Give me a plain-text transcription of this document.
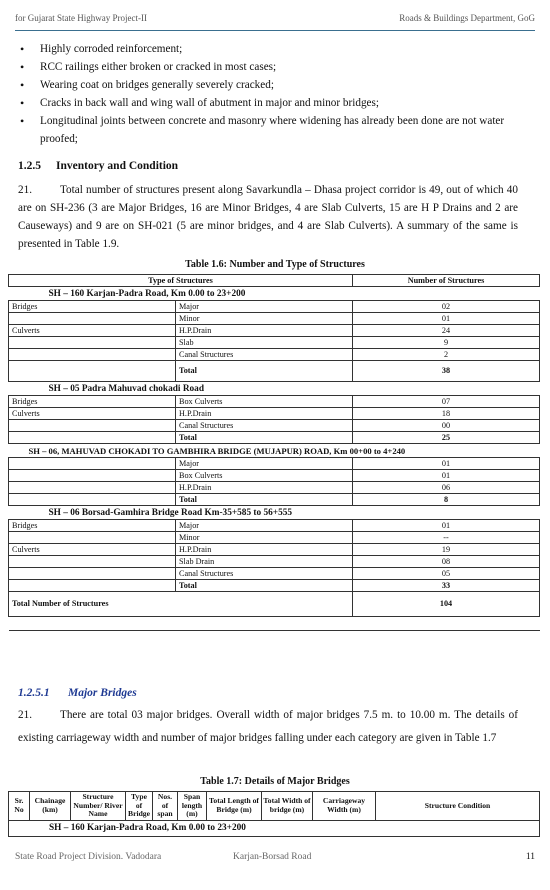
for Gujarat State Highway Project-II	Roads & Buildings Department, GoG
• Highly corroded reinforcement;
• RCC railings either broken or cracked in most cases;
• Wearing coat on bridges generally severely cracked;
• Cracks in back wall and wing wall of abutment in major and minor bridges;
• Longitudinal joints between concrete and masonry where widening has already been done are not water proofed;
1.2.5 Inventory and Condition

21.	Total number of structures present along Savarkundla – Dhasa project corridor is 49, out of which 40 are on SH-236 (3 are Major Bridges, 16 are Minor Bridges, 4 are Slab Culverts, 15 are H P Drains and 2 are Causeways) and 9 are on SH-021 (5 are minor bridges, and 4 are Slab Culverts). A summary of the same is presented in Table 1.9.

Table 1.6: Number and Type of Structures
Type of Structures		Number of Structures
SH – 160 Karjan-Padra Road, Km 0.00 to 23+200		
Bridges	Major	02
	Minor	01
Culverts	H.P.Drain	24
	Slab	9
	Canal Structures	2
	Total	38
SH – 05 Padra Mahuvad chokadi Road		
Bridges	Box Culverts	07
Culverts	H.P.Drain	18
	Canal Structures	00
	Total	25
SH – 06, MAHUVAD CHOKADI TO GAMBHIRA BRIDGE (MUJAPUR) ROAD, Km 00+00 to 4+240		
	Major	01
	Box Culverts	01
	H.P.Drain	06
	Total	8
SH – 06 Borsad-Gamhira Bridge Road Km-35+585 to 56+555		
Bridges	Major	01
	Minor	--
Culverts	H.P.Drain	19
	Slab Drain	08
	Canal Structures	05
	Total	33
Total Number of Structures		104

1.2.5.1 Major Bridges

21.	There are total 03 major bridges. Overall width of major bridges 7.5 m. to 10.00 m. The details of existing carriageway width and number of major bridges falling under each category are given in Table 1.7

Table 1.7: Details of Major Bridges
Sr. No	Chainage (km)	Structure Number/ River Name	Type of Bridge	Nos. of span	Span length (m)	Total Length of Bridge (m)	Total Width of bridge (m)	Carriageway Width (m)	Structure Condition
SH – 160 Karjan-Padra Road, Km 0.00 to 23+200
State Road Project Division. Vadodara	Karjan-Borsad Road	11
